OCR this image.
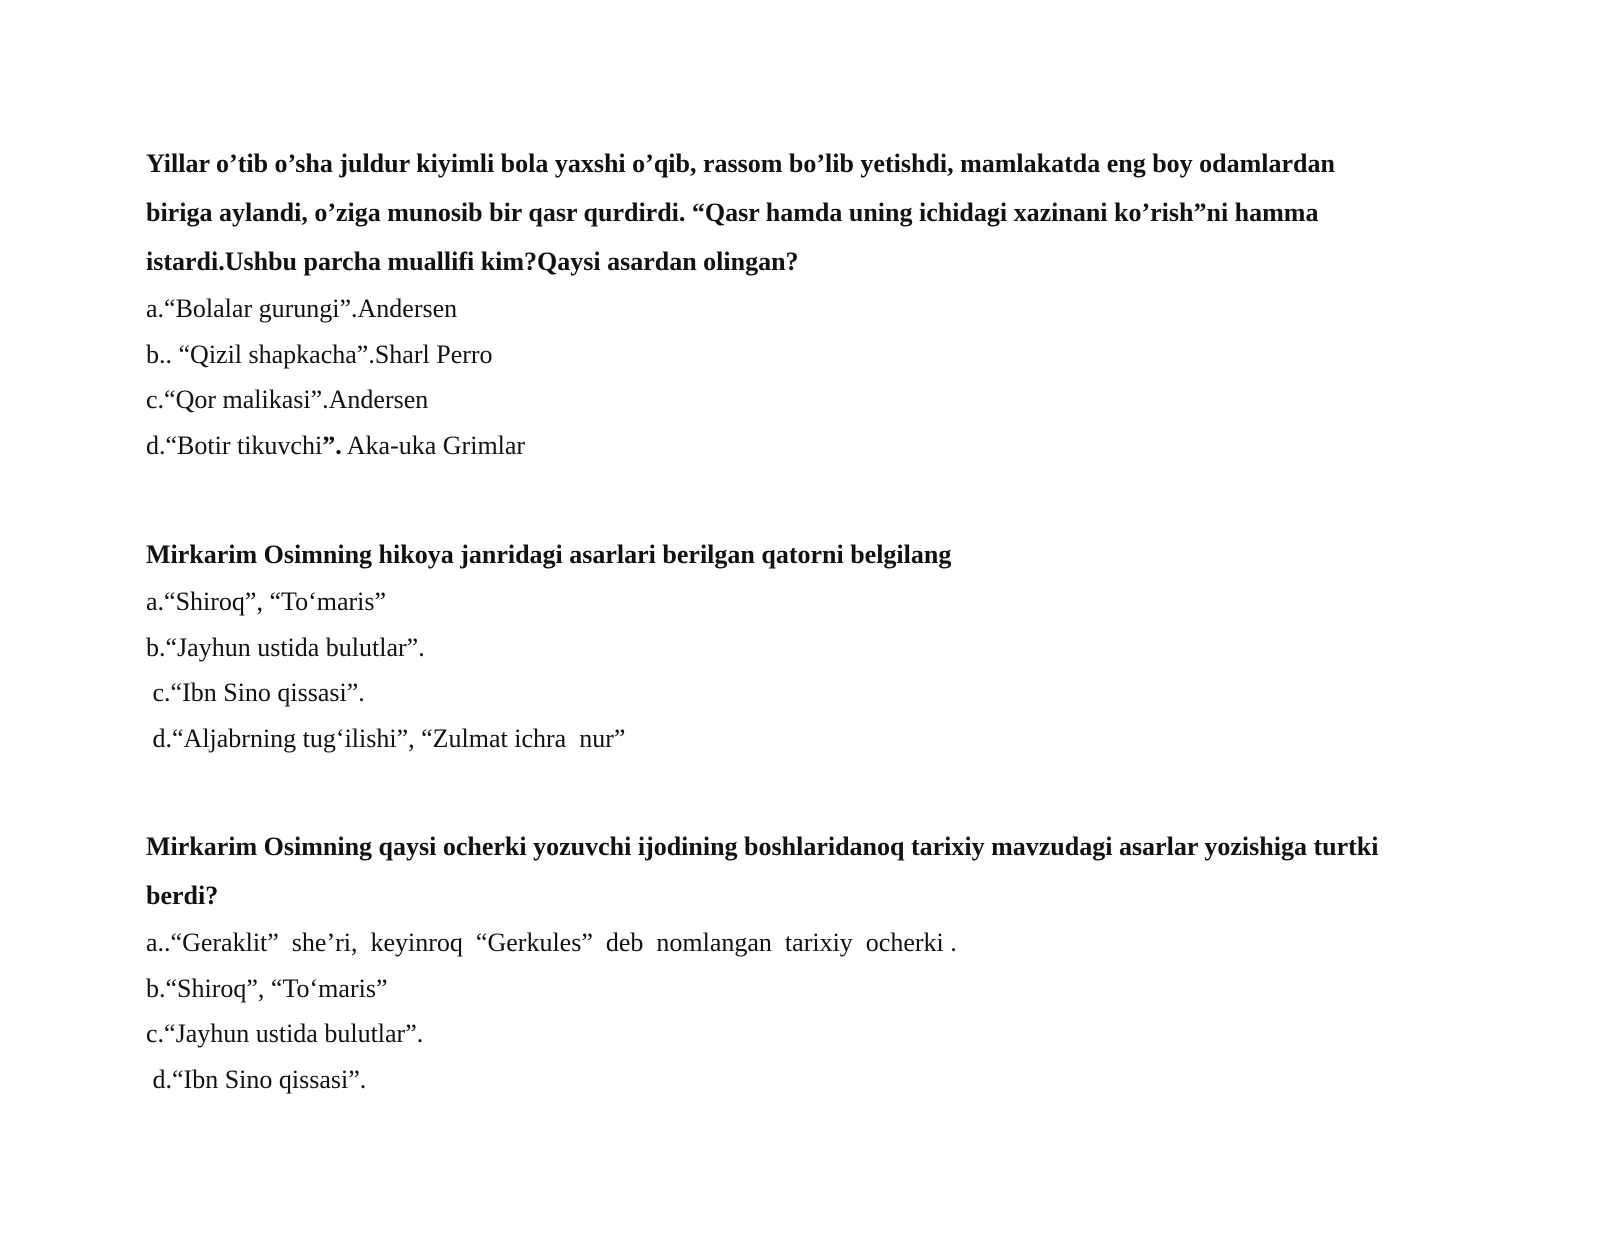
Yillar o’tib o’sha juldur kiyimli bola yaxshi o’qib, rassom bo’lib yetishdi, mamlakatda eng boy odamlardan biriga aylandi, o’ziga munosib bir qasr qurdirdi. “Qasr hamda uning ichidagi xazinani ko’rish”ni hamma istardi.Ushbu parcha muallifi kim?Qaysi asardan olingan?

a.“Bolalar gurungi”.Andersen

b.. “Qizil shapkacha”.Sharl Perro

c.“Qor malikasi”.Andersen

d.“Botir tikuvchi”. Aka-uka Grimlar

Mirkarim Osimning hikoya janridagi asarlari berilgan qatorni belgilang

a.“Shiroq”, “To‘maris”

b.“Jayhun ustida bulutlar”.

c.“Ibn Sino qissasi”.

d.“Aljabrning tug‘ilishi”, “Zulmat ichra  nur”

Mirkarim Osimning qaysi ocherki yozuvchi ijodining boshlaridanoq tarixiy mavzudagi asarlar yozishiga turtki berdi?

a..“Geraklit”  she’ri,  keyinroq  “Gerkules”  deb  nomlangan  tarixiy  ocherki .

b.“Shiroq”, “To‘maris”

c.“Jayhun ustida bulutlar”.

d.“Ibn Sino qissasi”.
